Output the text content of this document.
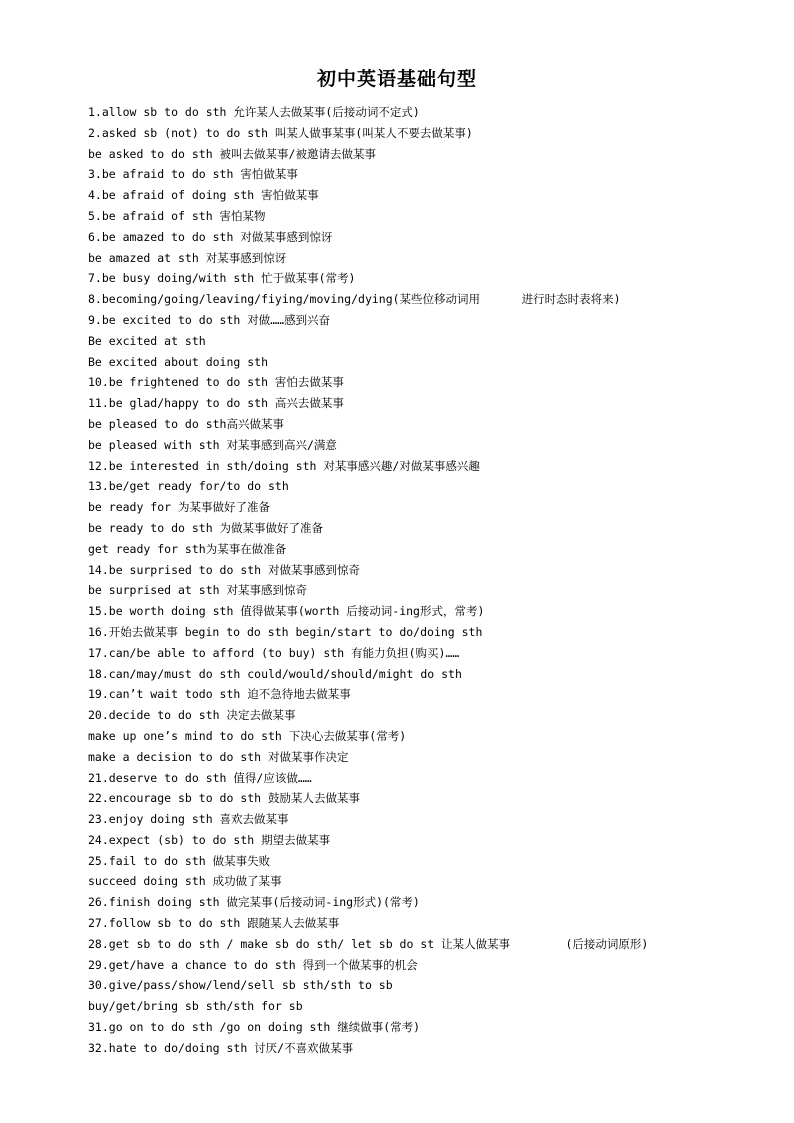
初中英语基础句型
1.allow sb to do sth 允许某人去做某事(后接动词不定式)
2.asked sb (not) to do sth 叫某人做事某事(叫某人不要去做某事)
be asked to do sth 被叫去做某事/被邀请去做某事
3.be afraid to do sth 害怕做某事
4.be afraid of doing sth 害怕做某事
5.be afraid of sth 害怕某物
6.be amazed to do sth 对做某事感到惊讶
be amazed at sth 对某事感到惊讶
7.be busy doing/with sth 忙于做某事(常考)
8.becoming/going/leaving/fiying/moving/dying(某些位移动词用      进行时态时表将来)
9.be excited to do sth 对做……感到兴奋
Be excited at sth
Be excited about doing sth
10.be frightened to do sth 害怕去做某事
11.be glad/happy to do sth 高兴去做某事
be pleased to do sth高兴做某事
be pleased with sth 对某事感到高兴/满意
12.be interested in sth/doing sth 对某事感兴趣/对做某事感兴趣
13.be/get ready for/to do sth
be ready for 为某事做好了准备
be ready to do sth 为做某事做好了准备
get ready for sth为某事在做准备
14.be surprised to do sth 对做某事感到惊奇
be surprised at sth 对某事感到惊奇
15.be worth doing sth 值得做某事(worth 后接动词-ing形式，常考)
16.开始去做某事 begin to do sth begin/start to do/doing sth
17.can/be able to afford (to buy) sth 有能力负担(购买)……
18.can/may/must do sth could/would/should/might do sth
19.can’t wait todo sth 迫不急待地去做某事
20.decide to do sth 决定去做某事
make up one’s mind to do sth 下决心去做某事(常考)
make a decision to do sth 对做某事作决定
21.deserve to do sth 值得/应该做……
22.encourage sb to do sth 鼓励某人去做某事
23.enjoy doing sth 喜欢去做某事
24.expect (sb) to do sth 期望去做某事
25.fail to do sth 做某事失败
succeed doing sth 成功做了某事
26.finish doing sth 做完某事(后接动词-ing形式)(常考)
27.follow sb to do sth 跟随某人去做某事
28.get sb to do sth / make sb do sth/ let sb do st 让某人做某事        (后接动词原形)
29.get/have a chance to do sth 得到一个做某事的机会
30.give/pass/show/lend/sell sb sth/sth to sb
buy/get/bring sb sth/sth for sb
31.go on to do sth /go on doing sth 继续做事(常考)
32.hate to do/doing sth 讨厌/不喜欢做某事
